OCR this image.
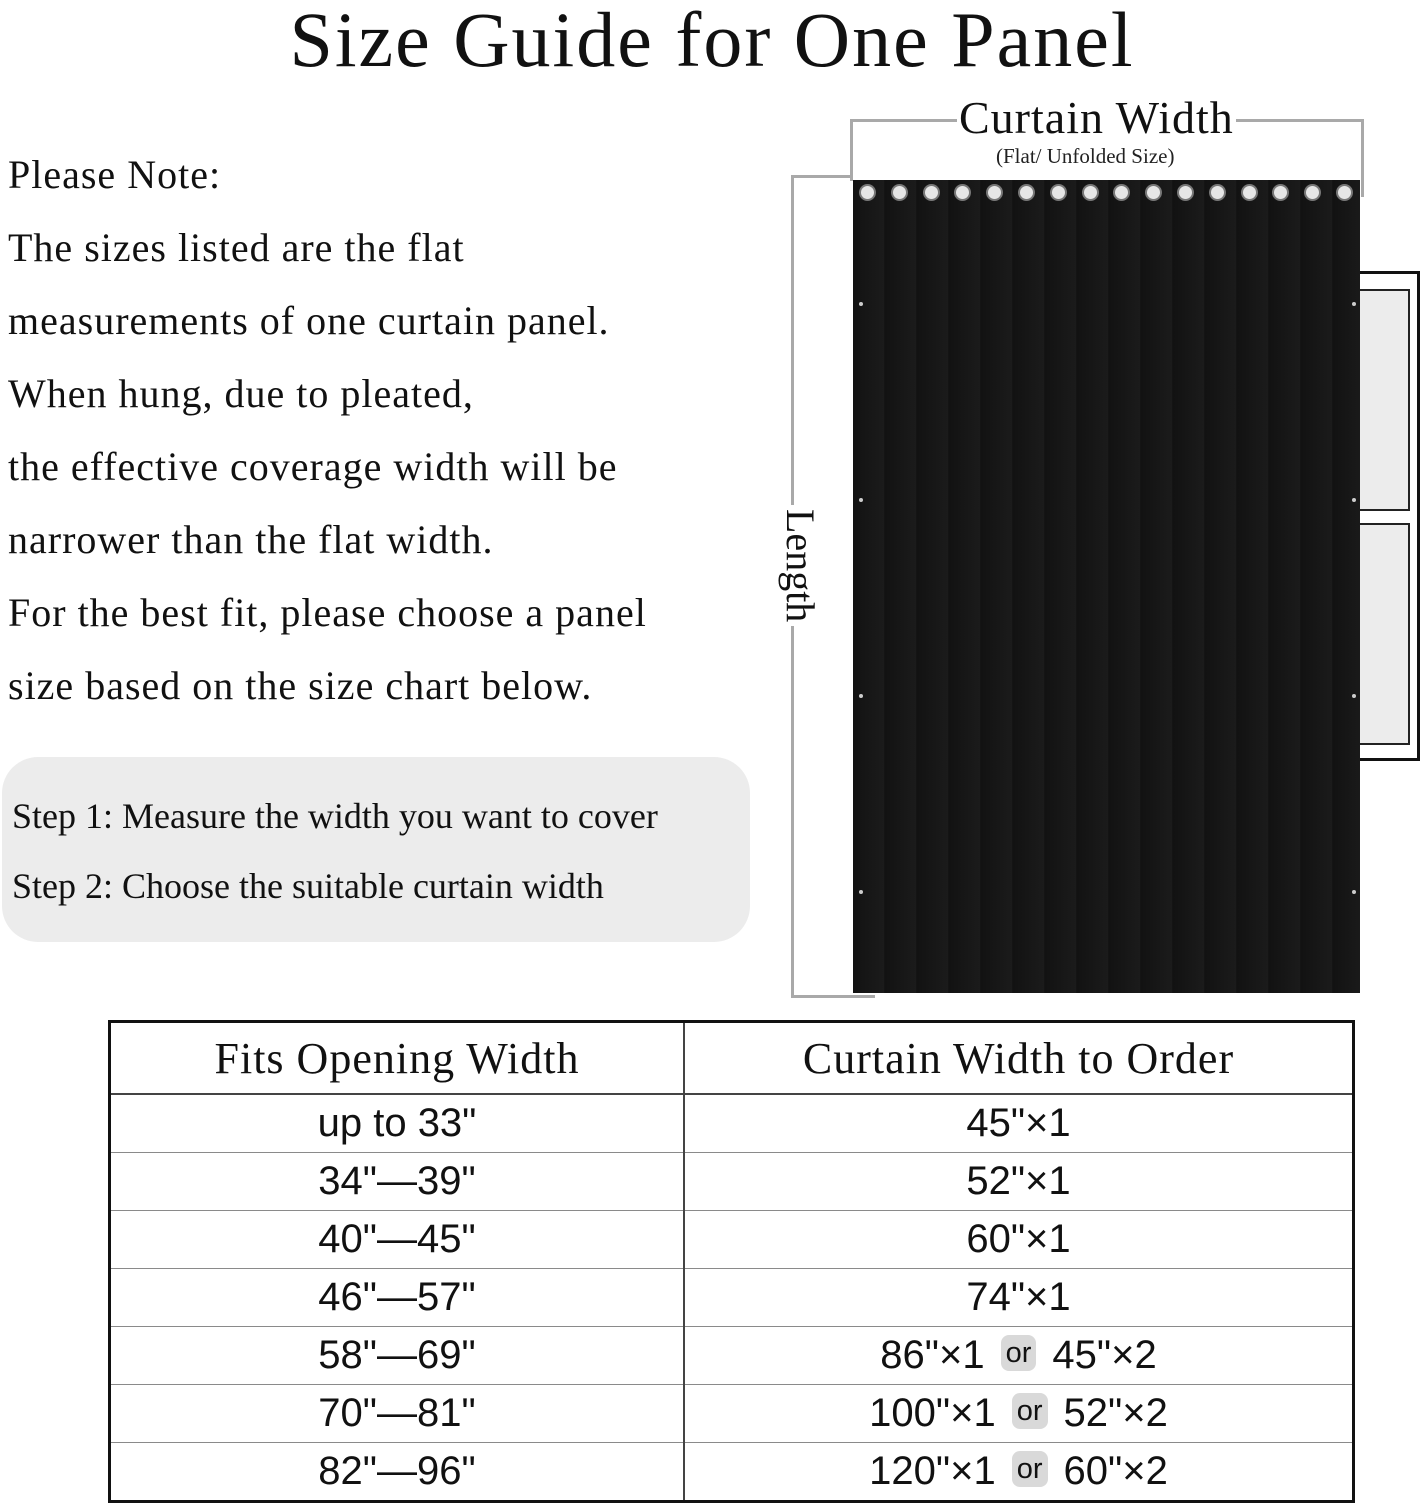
Size Guide for One Panel
Please Note:
The sizes listed are the flat
measurements of one curtain panel.
When hung, due to pleated,
the effective coverage width will be
narrower than the flat width.
For the best fit, please choose a panel
size based on the size chart below.
Step 1: Measure the width you want to cover
Step 2: Choose the suitable curtain width
Curtain Width
(Flat/ Unfolded Size)
Length
Fits Opening Width	Curtain Width to Order
up to 33"	45"×1
34"—39"	52"×1
40"—45"	60"×1
46"—57"	74"×1
58"—69"	86"×1 or 45"×2
70"—81"	100"×1 or 52"×2
82"—96"	120"×1 or 60"×2
